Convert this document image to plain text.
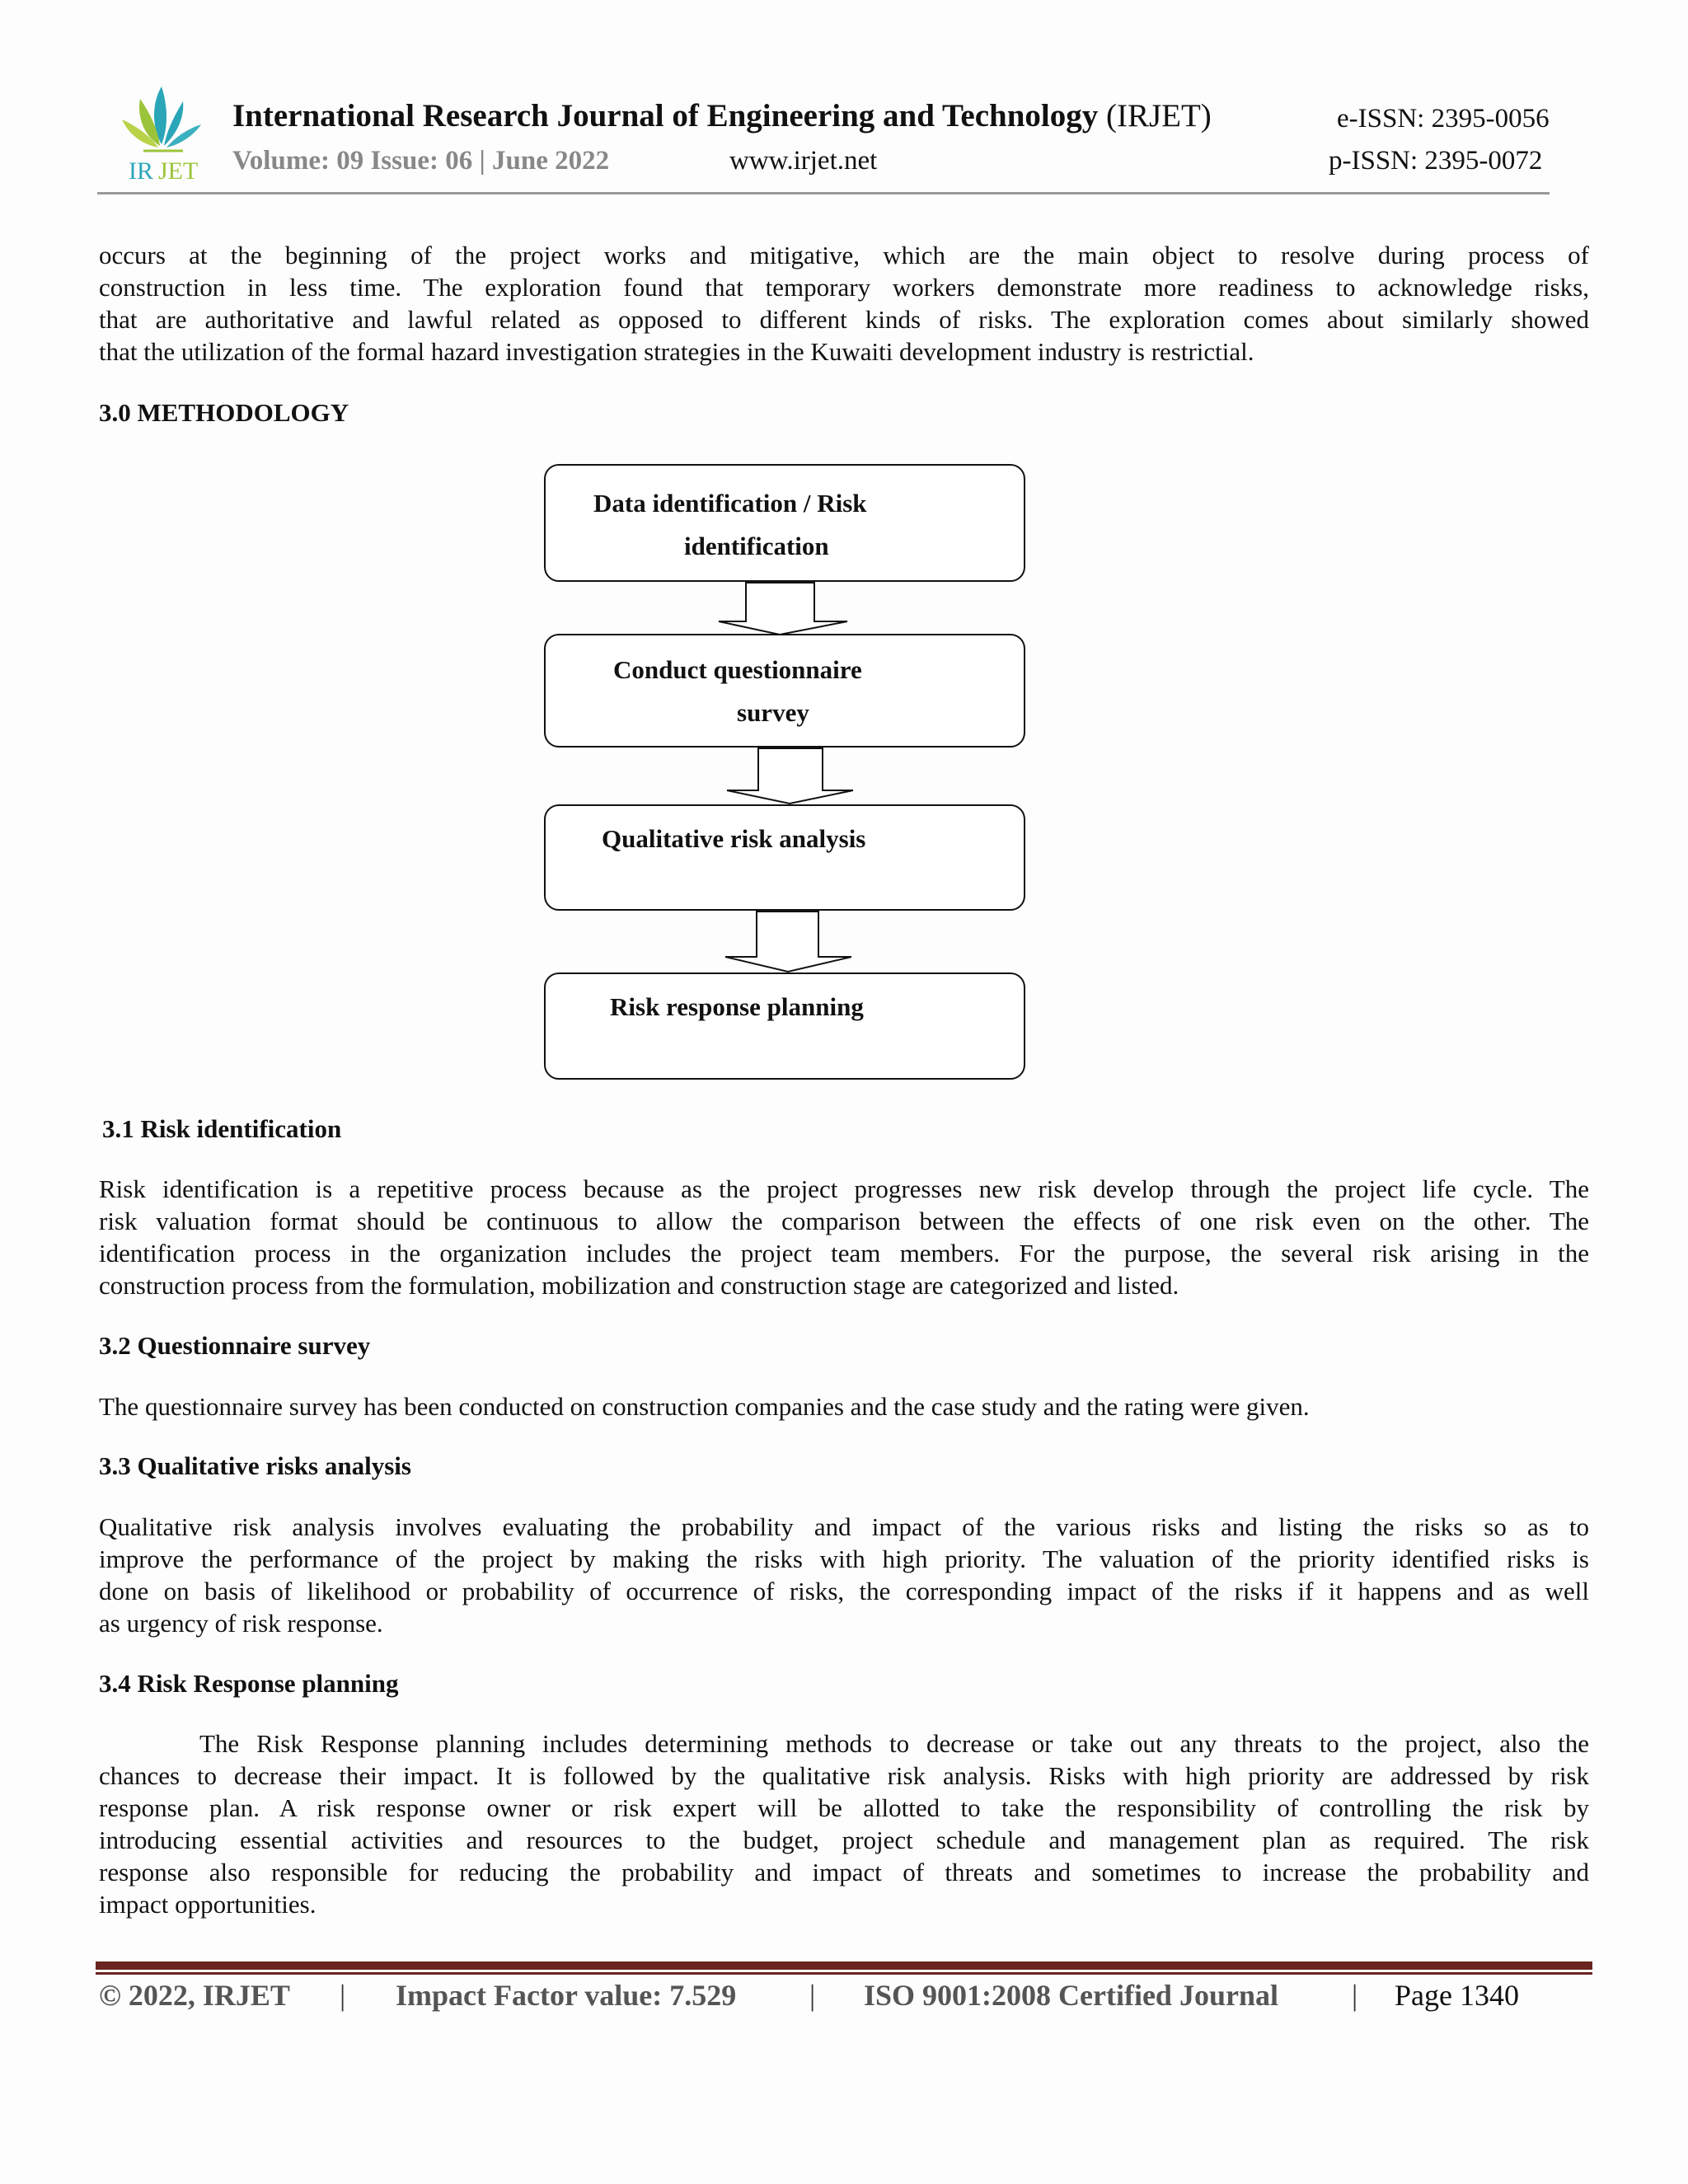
IR JET
International Research Journal of Engineering and Technology (IRJET)
Volume: 09 Issue: 06 | June 2022	www.irjet.net
e-ISSN: 2395-0056
p-ISSN: 2395-0072
occurs at the beginning of the project works and mitigative, which are the main object to resolve during process of
construction in less time. The exploration found that temporary workers demonstrate more readiness to acknowledge risks,
that are authoritative and lawful related as opposed to different kinds of risks. The exploration comes about similarly showed
that the utilization of the formal hazard investigation strategies in the Kuwaiti development industry is restrictial.
3.0 METHODOLOGY
Data identification / Risk
identification
Conduct questionnaire
survey
Qualitative risk analysis
Risk response planning
3.1 Risk identification
Risk identification is a repetitive process because as the project progresses new risk develop through the project life cycle. The
risk valuation format should be continuous to allow the comparison between the effects of one risk even on the other. The
identification process in the organization includes the project team members. For the purpose, the several risk arising in the
construction process from the formulation, mobilization and construction stage are categorized and listed.
3.2 Questionnaire survey
The questionnaire survey has been conducted on construction companies and the case study and the rating were given.
3.3 Qualitative risks analysis
Qualitative risk analysis involves evaluating the probability and impact of the various risks and listing the risks so as to
improve the performance of the project by making the risks with high priority. The valuation of the priority identified risks is
done on basis of likelihood or probability of occurrence of risks, the corresponding impact of the risks if it happens and as well
as urgency of risk response.
3.4 Risk Response planning
The Risk Response planning includes determining methods to decrease or take out any threats to the project, also the
chances to decrease their impact. It is followed by the qualitative risk analysis. Risks with high priority are addressed by risk
response plan. A risk response owner or risk expert will be allotted to take the responsibility of controlling the risk by
introducing essential activities and resources to the budget, project schedule and management plan as required. The risk
response also responsible for reducing the probability and impact of threats and sometimes to increase the probability and
impact opportunities.
© 2022, IRJET | Impact Factor value: 7.529 | ISO 9001:2008 Certified Journal | Page 1340
